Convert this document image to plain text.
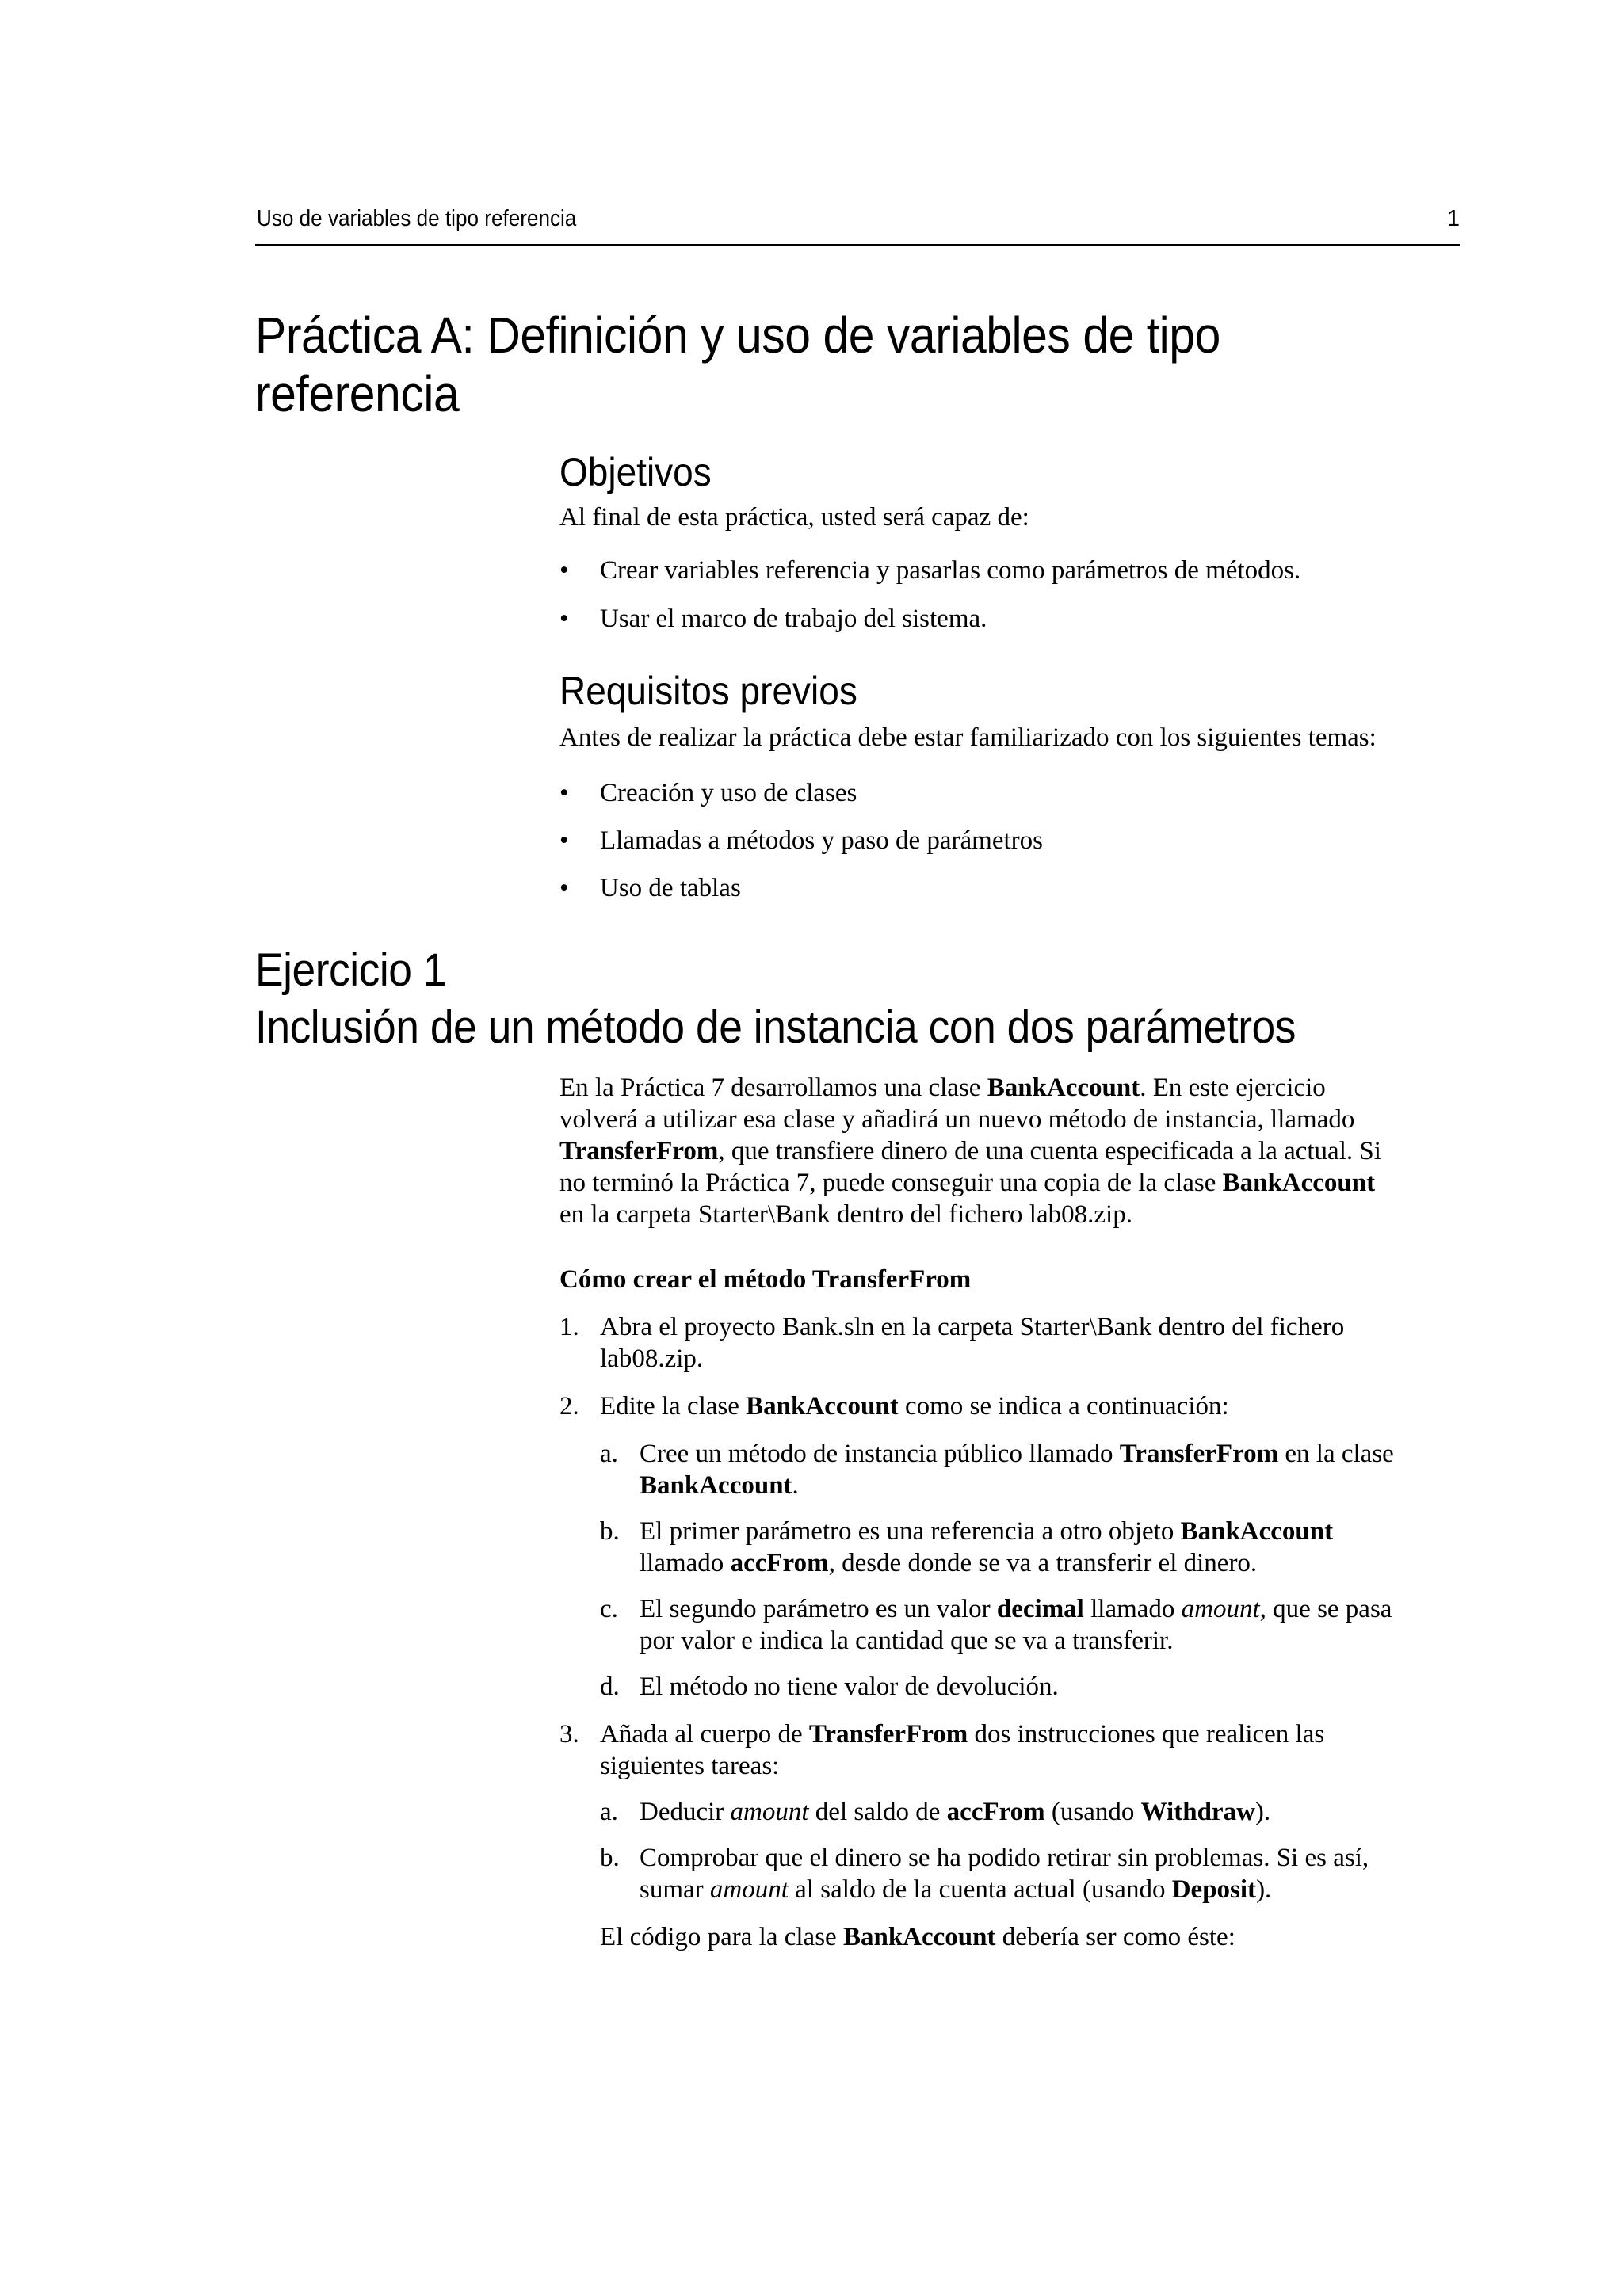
Uso de variables de tipo referencia	1
Práctica A: Definición y uso de variables de tipo
referencia
Objetivos
Al final de esta práctica, usted será capaz de:
• Crear variables referencia y pasarlas como parámetros de métodos.
• Usar el marco de trabajo del sistema.
Requisitos previos
Antes de realizar la práctica debe estar familiarizado con los siguientes temas:
• Creación y uso de clases
• Llamadas a métodos y paso de parámetros
• Uso de tablas
Ejercicio 1
Inclusión de un método de instancia con dos parámetros
En la Práctica 7 desarrollamos una clase BankAccount. En este ejercicio
volverá a utilizar esa clase y añadirá un nuevo método de instancia, llamado
TransferFrom, que transfiere dinero de una cuenta especificada a la actual. Si
no terminó la Práctica 7, puede conseguir una copia de la clase BankAccount
en la carpeta Starter\Bank dentro del fichero lab08.zip.
Cómo crear el método TransferFrom
1. Abra el proyecto Bank.sln en la carpeta Starter\Bank dentro del fichero
lab08.zip.
2. Edite la clase BankAccount como se indica a continuación:
a. Cree un método de instancia público llamado TransferFrom en la clase
BankAccount.
b. El primer parámetro es una referencia a otro objeto BankAccount
llamado accFrom, desde donde se va a transferir el dinero.
c. El segundo parámetro es un valor decimal llamado amount, que se pasa
por valor e indica la cantidad que se va a transferir.
d. El método no tiene valor de devolución.
3. Añada al cuerpo de TransferFrom dos instrucciones que realicen las
siguientes tareas:
a. Deducir amount del saldo de accFrom (usando Withdraw).
b. Comprobar que el dinero se ha podido retirar sin problemas. Si es así,
sumar amount al saldo de la cuenta actual (usando Deposit).
El código para la clase BankAccount debería ser como éste:
